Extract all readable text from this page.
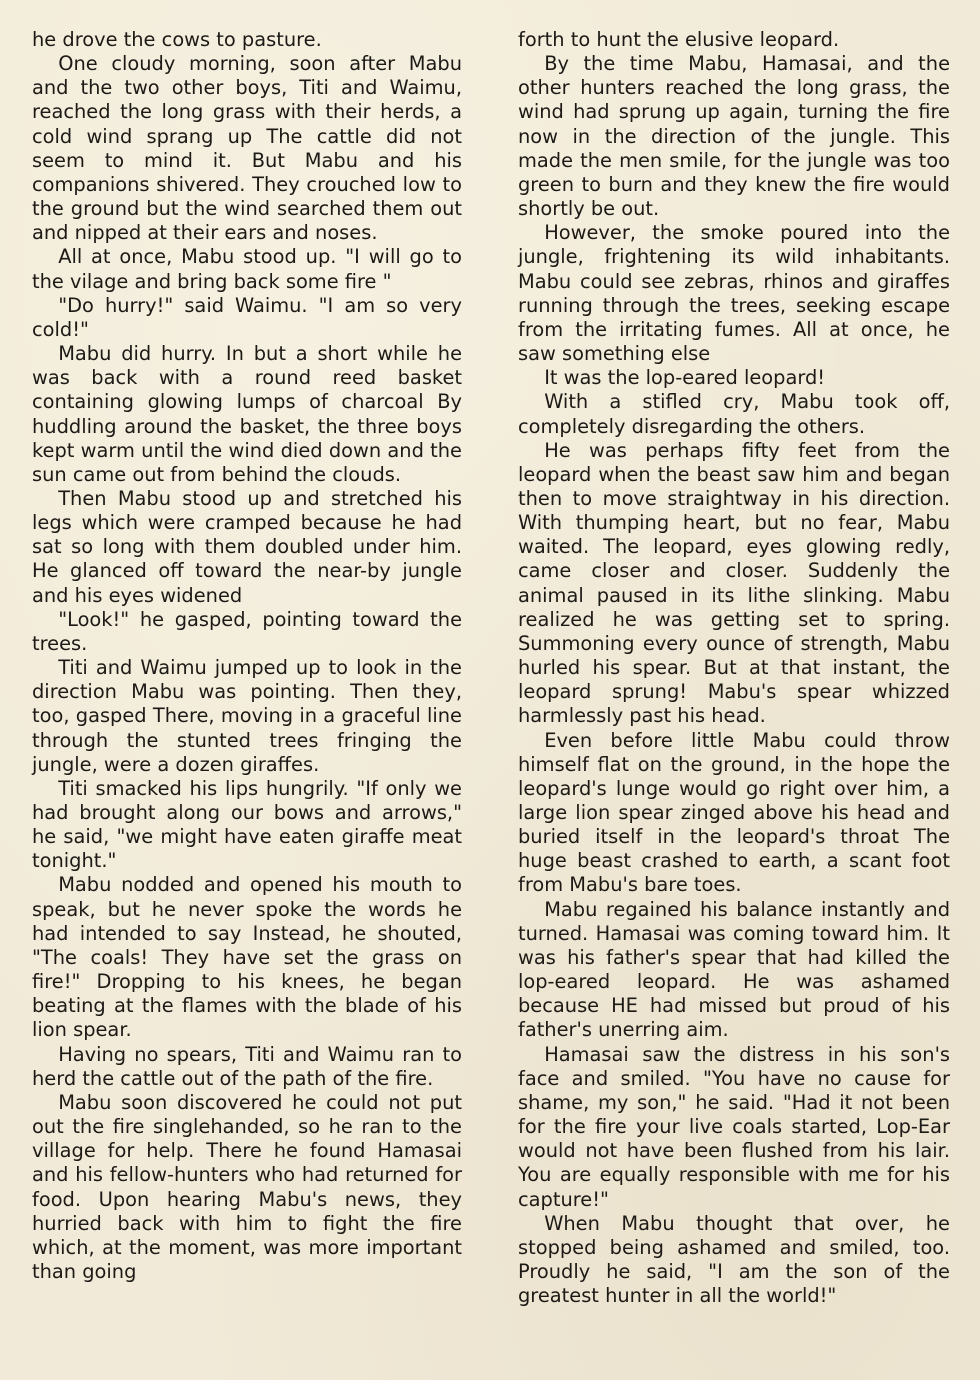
he drove the cows to pasture.

One cloudy morning, soon after Mabu and the two other boys, Titi and Waimu, reached the long grass with their herds, a cold wind sprang up The cattle did not seem to mind it. But Mabu and his companions shivered. They crouched low to the ground but the wind searched them out and nipped at their ears and noses.

All at once, Mabu stood up. "I will go to the vilage and bring back some fire "

"Do hurry!" said Waimu. "I am so very cold!"

Mabu did hurry. In but a short while he was back with a round reed basket containing glowing lumps of charcoal By huddling around the basket, the three boys kept warm until the wind died down and the sun came out from behind the clouds.

Then Mabu stood up and stretched his legs which were cramped because he had sat so long with them doubled under him. He glanced off toward the near-by jungle and his eyes widened

"Look!" he gasped, pointing toward the trees.

Titi and Waimu jumped up to look in the direction Mabu was pointing. Then they, too, gasped There, moving in a graceful line through the stunted trees fringing the jungle, were a dozen giraffes.

Titi smacked his lips hungrily. "If only we had brought along our bows and arrows," he said, "we might have eaten giraffe meat tonight."

Mabu nodded and opened his mouth to speak, but he never spoke the words he had intended to say Instead, he shouted, "The coals! They have set the grass on fire!" Dropping to his knees, he began beating at the flames with the blade of his lion spear.

Having no spears, Titi and Waimu ran to herd the cattle out of the path of the fire.

Mabu soon discovered he could not put out the fire singlehanded, so he ran to the village for help. There he found Hamasai and his fellow-hunters who had returned for food. Upon hearing Mabu's news, they hurried back with him to fight the fire which, at the moment, was more important than going

forth to hunt the elusive leopard.

By the time Mabu, Hamasai, and the other hunters reached the long grass, the wind had sprung up again, turning the fire now in the direction of the jungle. This made the men smile, for the jungle was too green to burn and they knew the fire would shortly be out.

However, the smoke poured into the jungle, frightening its wild inhabitants. Mabu could see zebras, rhinos and giraffes running through the trees, seeking escape from the irritating fumes. All at once, he saw something else

It was the lop-eared leopard!

With a stifled cry, Mabu took off, completely disregarding the others.

He was perhaps fifty feet from the leopard when the beast saw him and began then to move straightway in his direction. With thumping heart, but no fear, Mabu waited. The leopard, eyes glowing redly, came closer and closer. Suddenly the animal paused in its lithe slinking. Mabu realized he was getting set to spring. Summoning every ounce of strength, Mabu hurled his spear. But at that instant, the leopard sprung! Mabu's spear whizzed harmlessly past his head.

Even before little Mabu could throw himself flat on the ground, in the hope the leopard's lunge would go right over him, a large lion spear zinged above his head and buried itself in the leopard's throat The huge beast crashed to earth, a scant foot from Mabu's bare toes.

Mabu regained his balance instantly and turned. Hamasai was coming toward him. It was his father's spear that had killed the lop-eared leopard. He was ashamed because HE had missed but proud of his father's unerring aim.

Hamasai saw the distress in his son's face and smiled. "You have no cause for shame, my son," he said. "Had it not been for the fire your live coals started, Lop-Ear would not have been flushed from his lair. You are equally responsible with me for his capture!"

When Mabu thought that over, he stopped being ashamed and smiled, too. Proudly he said, "I am the son of the greatest hunter in all the world!"
